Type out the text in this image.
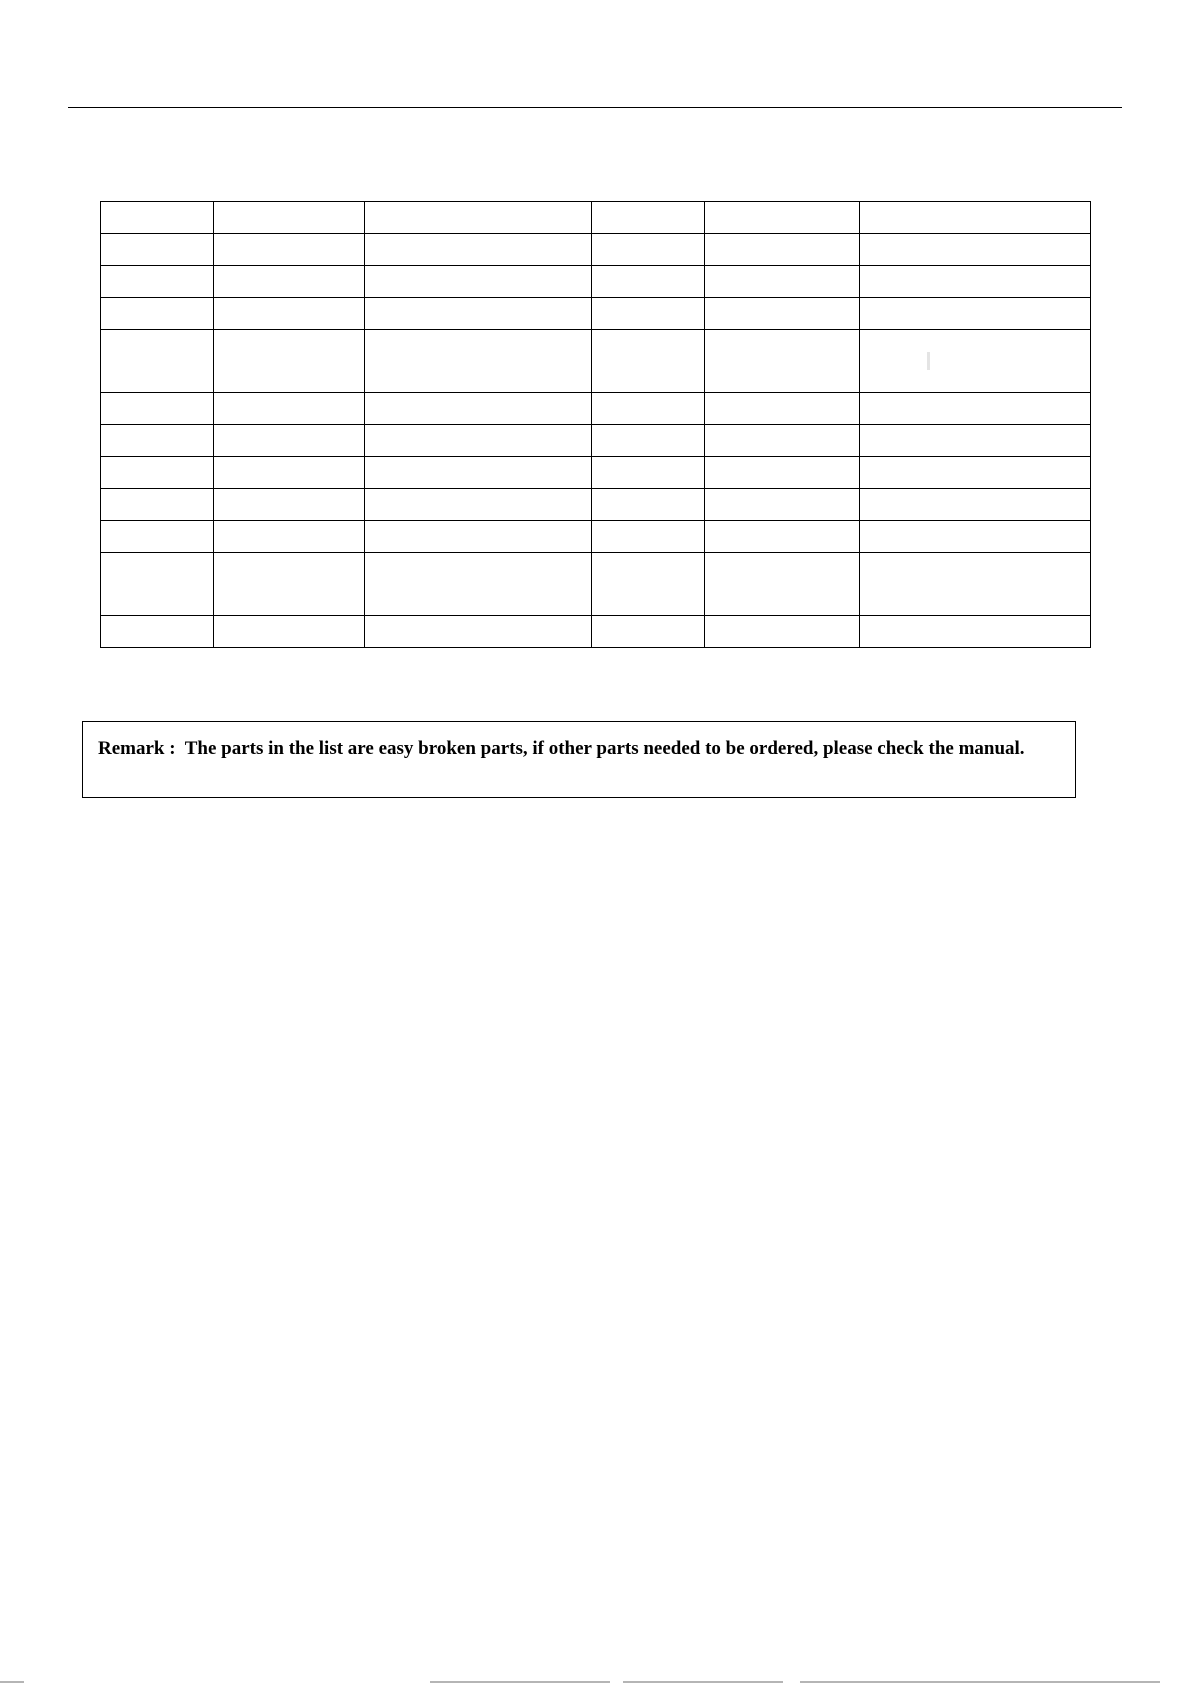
Remark :  The parts in the list are easy broken parts, if other parts needed to be ordered, please check the manual.
